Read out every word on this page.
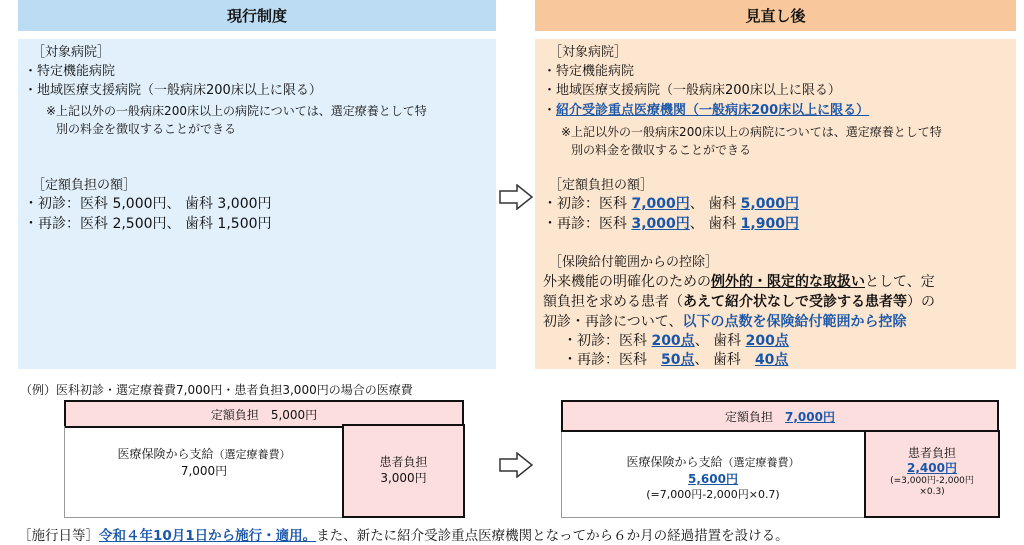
現行制度	見直し後
［対象病院］
・特定機能病院
・地域医療支援病院（一般病床200床以上に限る）
※上記以外の一般病床200床以上の病院については、選定療養として特
別の料金を徴収することができる
［定額負担の額］
・初診：医科 5,000円、 歯科 3,000円
・再診：医科 2,500円、 歯科 1,500円
［対象病院］
・特定機能病院
・地域医療支援病院（一般病床200床以上に限る）
・紹介受診重点医療機関（一般病床200床以上に限る）
※上記以外の一般病床200床以上の病院については、選定療養として特
別の料金を徴収することができる
［定額負担の額］
・初診：医科 7,000円、 歯科 5,000円
・再診：医科 3,000円、 歯科 1,900円
［保険給付範囲からの控除］
外来機能の明確化のための例外的・限定的な取扱いとして、定
額負担を求める患者（あえて紹介状なしで受診する患者等）の
初診・再診について、以下の点数を保険給付範囲から控除
・初診：医科 200点、 歯科 200点
・再診：医科　50点、 歯科　40点
（例）医科初診・選定療養費7,000円・患者負担3,000円の場合の医療費
定額負担　5,000円
医療保険から支給（選定療養費）
7,000円
患者負担
3,000円
定額負担　 7,000円
医療保険から支給（選定療養費）
5,600円
(=7,000円-2,000円×0.7)
患者負担
2,400円
(=3,000円-2,000円
×0.3)
［施行日等］令和４年10月1日から施行・適用。また、新たに紹介受診重点医療機関となってから６か月の経過措置を設ける。
